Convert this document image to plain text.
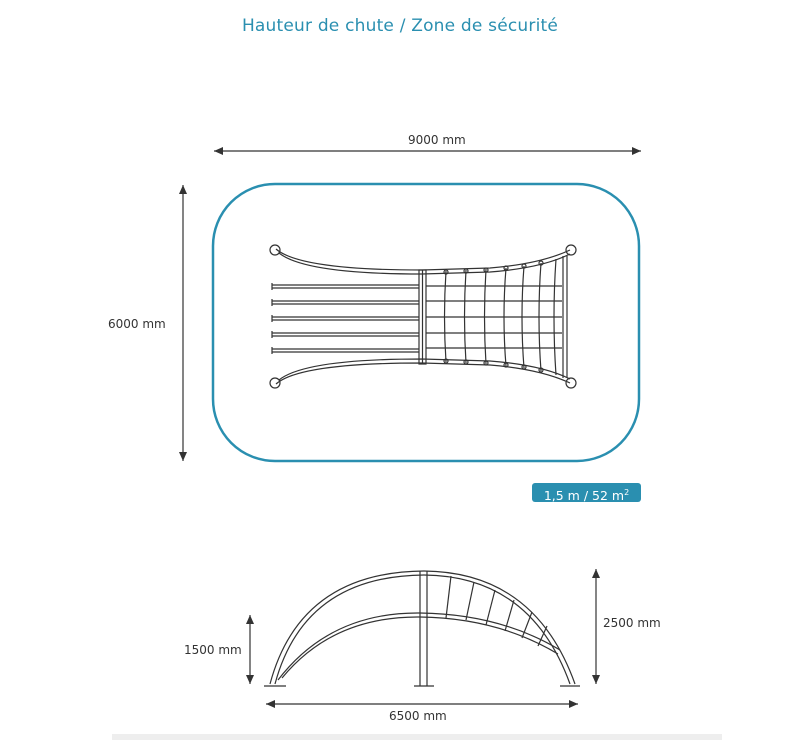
Hauteur de chute / Zone de sécurité
9000 mm
6000 mm
1,5 m / 52 $m^2$
1500 mm
2500 mm
6500 mm
